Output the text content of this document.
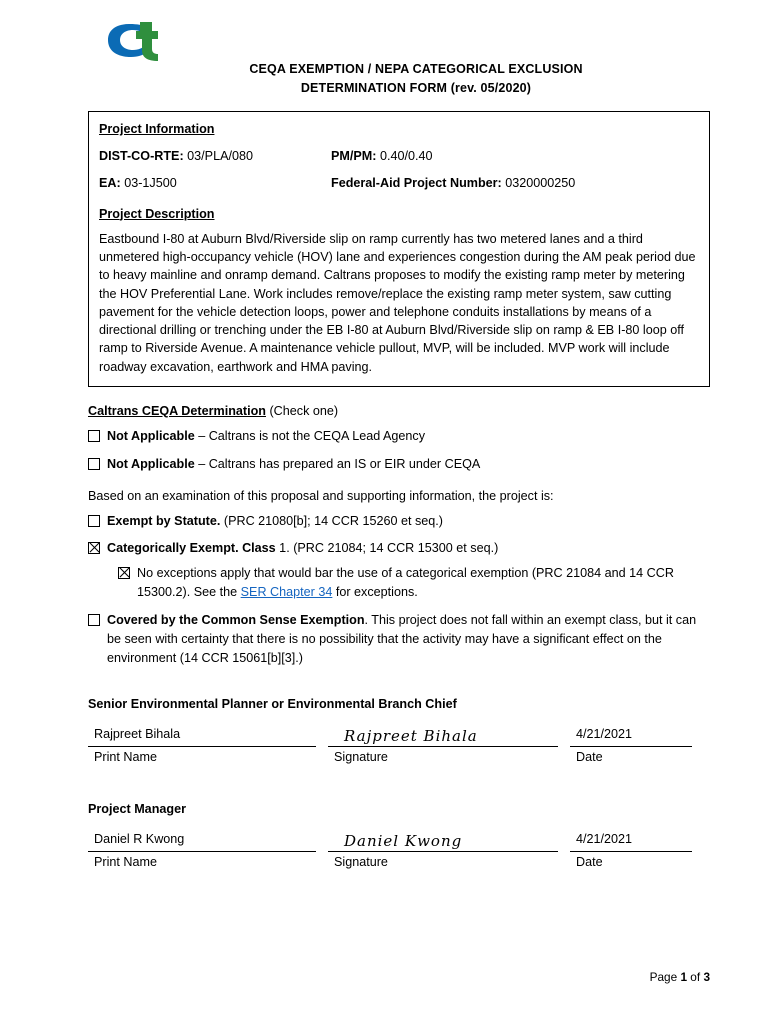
CEQA EXEMPTION / NEPA CATEGORICAL EXCLUSION
DETERMINATION FORM (rev. 05/2020)
Project Information
DIST-CO-RTE: 03/PLA/080	PM/PM: 0.40/0.40
EA: 03-1J500	Federal-Aid Project Number: 0320000250
Project Description
Eastbound I-80 at Auburn Blvd/Riverside slip on ramp currently has two metered lanes and a third unmetered high-occupancy vehicle (HOV) lane and experiences congestion during the AM peak period due to heavy mainline and onramp demand. Caltrans proposes to modify the existing ramp meter by metering the HOV Preferential Lane. Work includes remove/replace the existing ramp meter system, saw cutting pavement for the vehicle detection loops, power and telephone conduits installations by means of a directional drilling or trenching under the EB I-80 at Auburn Blvd/Riverside slip on ramp & EB I-80 loop off ramp to Riverside Avenue. A maintenance vehicle pullout, MVP, will be included. MVP work will include roadway excavation, earthwork and HMA paving.
Caltrans CEQA Determination (Check one)
Not Applicable – Caltrans is not the CEQA Lead Agency
Not Applicable – Caltrans has prepared an IS or EIR under CEQA
Based on an examination of this proposal and supporting information, the project is:
Exempt by Statute. (PRC 21080[b]; 14 CCR 15260 et seq.)
Categorically Exempt. Class 1. (PRC 21084; 14 CCR 15300 et seq.)
No exceptions apply that would bar the use of a categorical exemption (PRC 21084 and 14 CCR 15300.2). See the SER Chapter 34 for exceptions.
Covered by the Common Sense Exemption. This project does not fall within an exempt class, but it can be seen with certainty that there is no possibility that the activity may have a significant effect on the environment (14 CCR 15061[b][3].)
Senior Environmental Planner or Environmental Branch Chief
Rajpreet Bihala
Print Name
Rajpreet Bihala
Signature
4/21/2021
Date
Project Manager
Daniel R Kwong
Print Name
Daniel Kwong
Signature
4/21/2021
Date
Page 1 of 3
